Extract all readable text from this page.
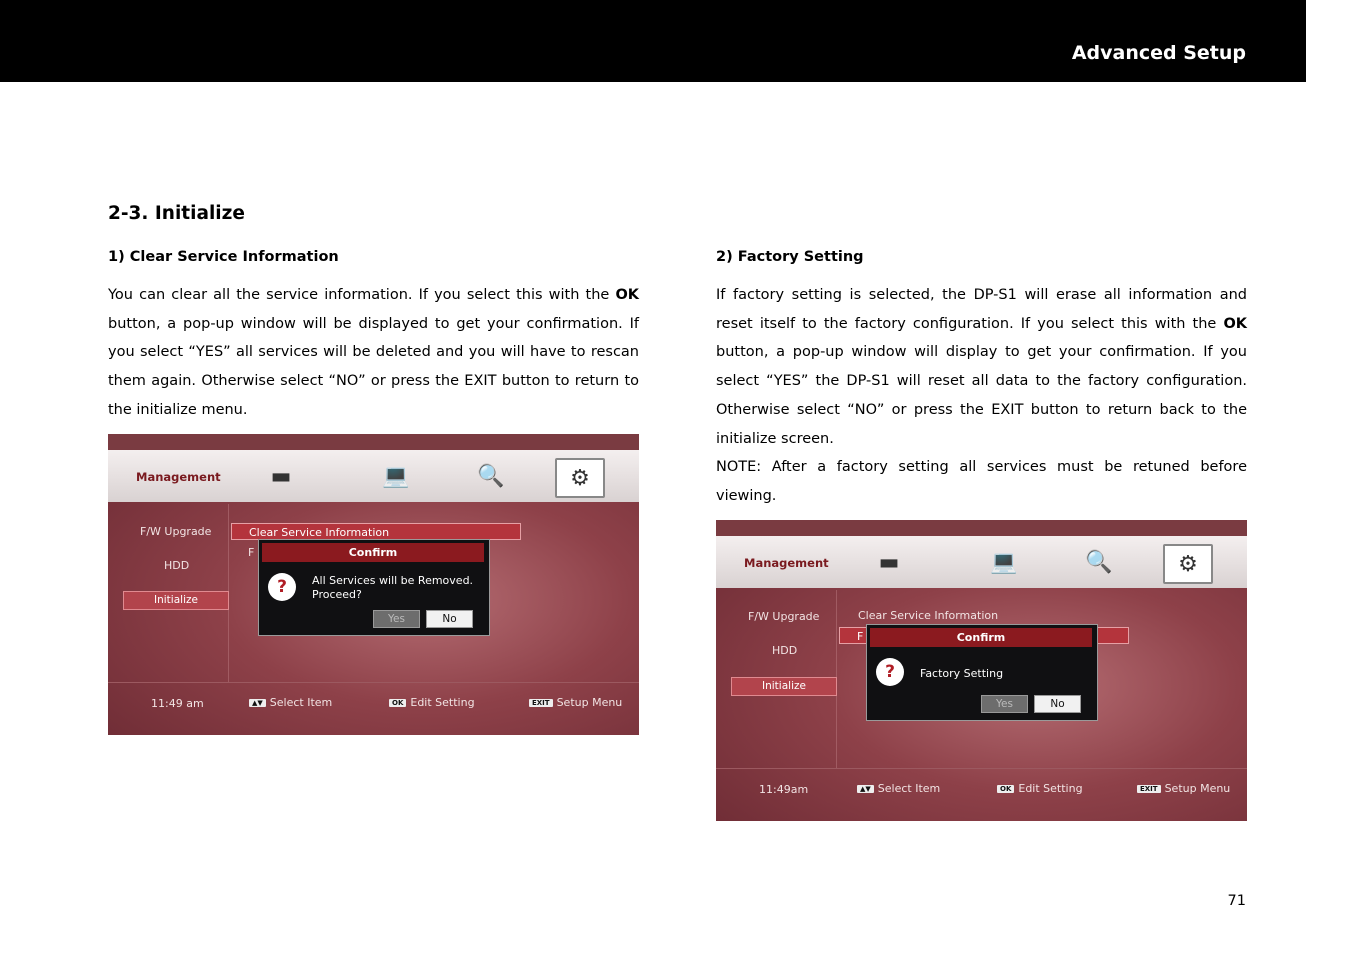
Advanced Setup
2-3. Initialize
1) Clear Service Information

You can clear all the service information. If you select this with the OK button, a pop-up window will be displayed to get your confirmation. If you select “YES” all services will be deleted and you will have to rescan them again. Otherwise select “NO” or press the EXIT button to return to the initialize menu.

Management	▬	💻	🔍	⚙
F/W Upgrade
HDD
Initialize
Clear Service Information
F	Confirm
?	All Services will be Removed.
Proceed?
Yes	No
11:49 am	▲▼ Select Item	OK Edit Setting	EXIT Setup Menu
2) Factory Setting

If factory setting is selected, the DP-S1 will erase all information and reset itself to the factory configuration. If you select this with the OK button, a pop-up window will display to get your confirmation. If you select “YES” the DP-S1 will reset all data to the factory configuration. Otherwise select “NO” or press the EXIT button to return back to the initialize screen.

NOTE: After a factory setting all services must be retuned before viewing.

Management	▬	💻	🔍	⚙
F/W Upgrade
HDD
Initialize
Clear Service Information
F	Confirm
?	Factory Setting
Yes	No
11:49am	▲▼ Select Item	OK Edit Setting	EXIT Setup Menu
71
